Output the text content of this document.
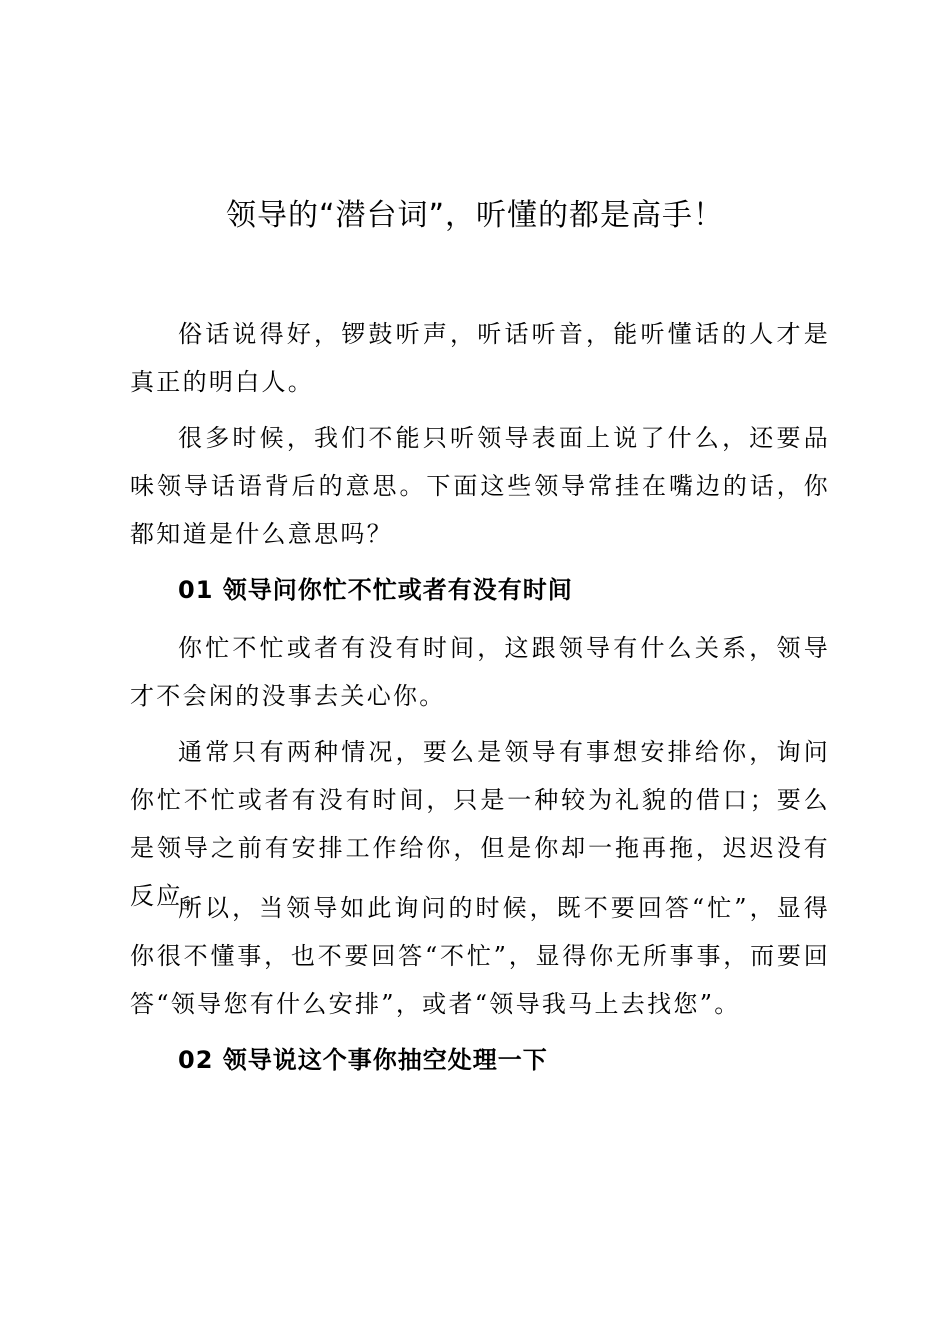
领导的“潜台词”，听懂的都是高手！

俗话说得好，锣鼓听声，听话听音，能听懂话的人才是真正的明白人。

很多时候，我们不能只听领导表面上说了什么，还要品味领导话语背后的意思。下面这些领导常挂在嘴边的话，你都知道是什么意思吗？

01 领导问你忙不忙或者有没有时间

你忙不忙或者有没有时间，这跟领导有什么关系，领导才不会闲的没事去关心你。

通常只有两种情况，要么是领导有事想安排给你，询问你忙不忙或者有没有时间，只是一种较为礼貌的借口；要么是领导之前有安排工作给你，但是你却一拖再拖，迟迟没有反应。

所以，当领导如此询问的时候，既不要回答“忙”，显得你很不懂事，也不要回答“不忙”，显得你无所事事，而要回答“领导您有什么安排”，或者“领导我马上去找您”。

02 领导说这个事你抽空处理一下
